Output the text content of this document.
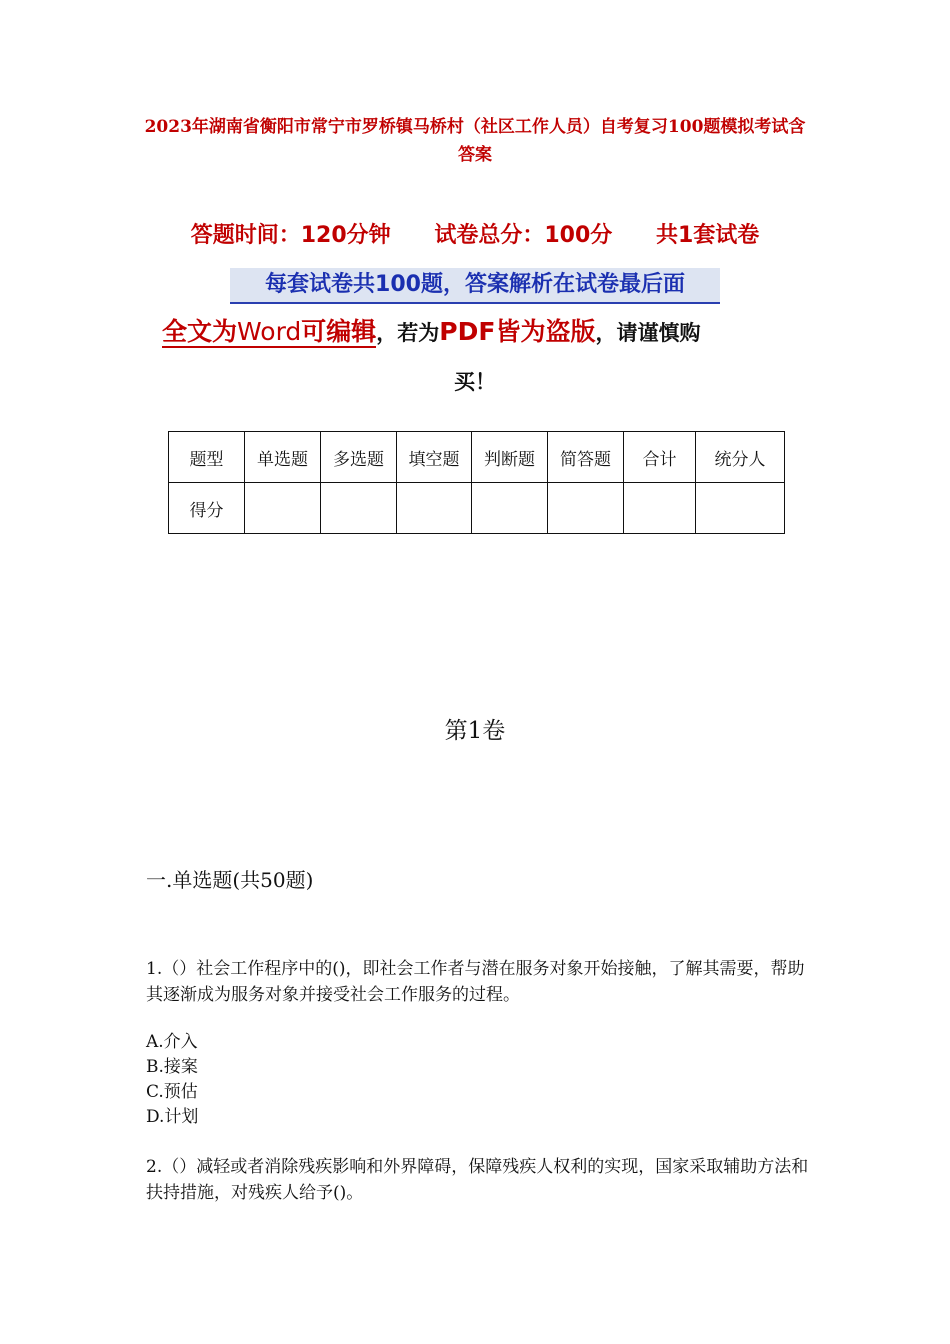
2023年湖南省衡阳市常宁市罗桥镇马桥村（社区工作人员）自考复习100题模拟考试含答案
答题时间：120分钟 试卷总分：100分 共1套试卷
每套试卷共100题，答案解析在试卷最后面
全文为Word可编辑，若为PDF皆为盗版，请谨慎购
买！
题型	单选题	多选题	填空题	判断题	简答题	合计	统分人
得分							
第1卷
一.单选题(共50题)
1.（）社会工作程序中的()，即社会工作者与潜在服务对象开始接触，了解其需要，帮助其逐渐成为服务对象并接受社会工作服务的过程。
A.介入
B.接案
C.预估
D.计划
2.（）减轻或者消除残疾影响和外界障碍，保障残疾人权利的实现，国家采取辅助方法和扶持措施，对残疾人给予()。
